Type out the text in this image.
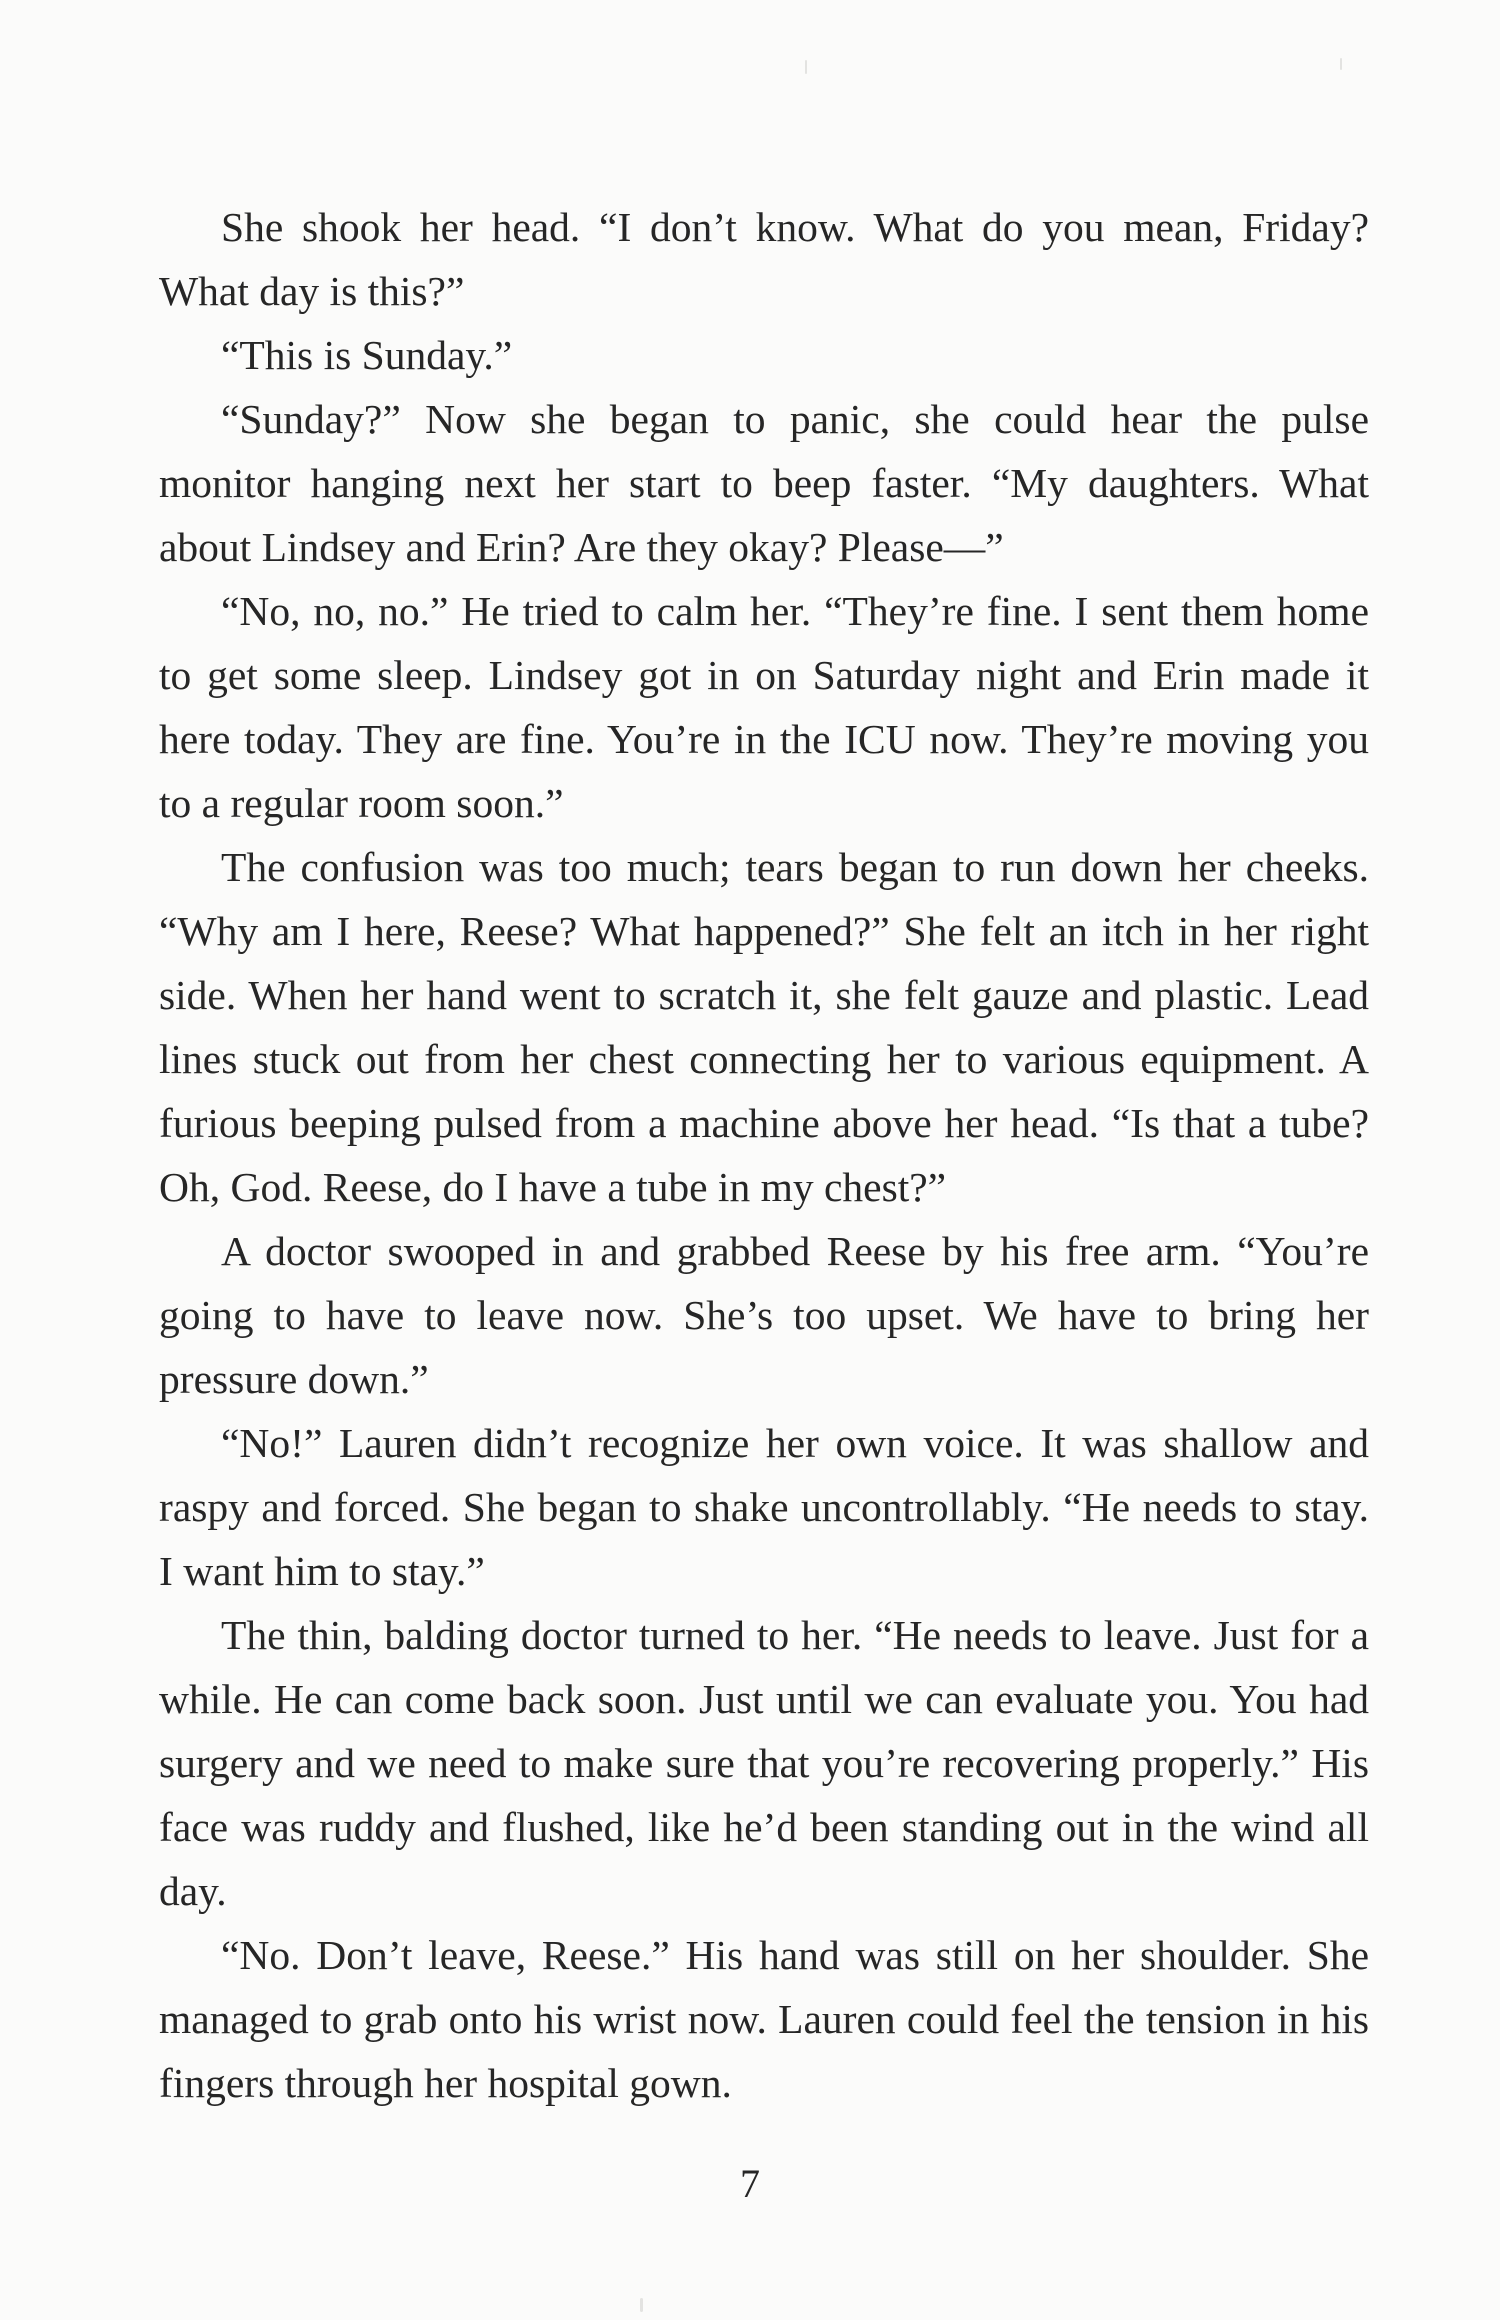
She shook her head. “I don’t know. What do you mean, Friday? What day is this?”

“This is Sunday.”

“Sunday?” Now she began to panic, she could hear the pulse monitor hanging next her start to beep faster. “My daughters. What about Lindsey and Erin? Are they okay? Please—”

“No, no, no.” He tried to calm her. “They’re fine. I sent them home to get some sleep. Lindsey got in on Saturday night and Erin made it here today. They are fine. You’re in the ICU now. They’re moving you to a regular room soon.”

The confusion was too much; tears began to run down her cheeks. “Why am I here, Reese? What happened?” She felt an itch in her right side. When her hand went to scratch it, she felt gauze and plastic. Lead lines stuck out from her chest connecting her to various equipment. A furious beeping pulsed from a machine above her head. “Is that a tube? Oh, God. Reese, do I have a tube in my chest?”

A doctor swooped in and grabbed Reese by his free arm. “You’re going to have to leave now. She’s too upset. We have to bring her pressure down.”

“No!” Lauren didn’t recognize her own voice. It was shallow and raspy and forced. She began to shake uncontrollably. “He needs to stay. I want him to stay.”

The thin, balding doctor turned to her. “He needs to leave. Just for a while. He can come back soon. Just until we can evaluate you. You had surgery and we need to make sure that you’re recovering properly.” His face was ruddy and flushed, like he’d been standing out in the wind all day.

“No. Don’t leave, Reese.” His hand was still on her shoulder. She managed to grab onto his wrist now. Lauren could feel the tension in his fingers through her hospital gown.

7
